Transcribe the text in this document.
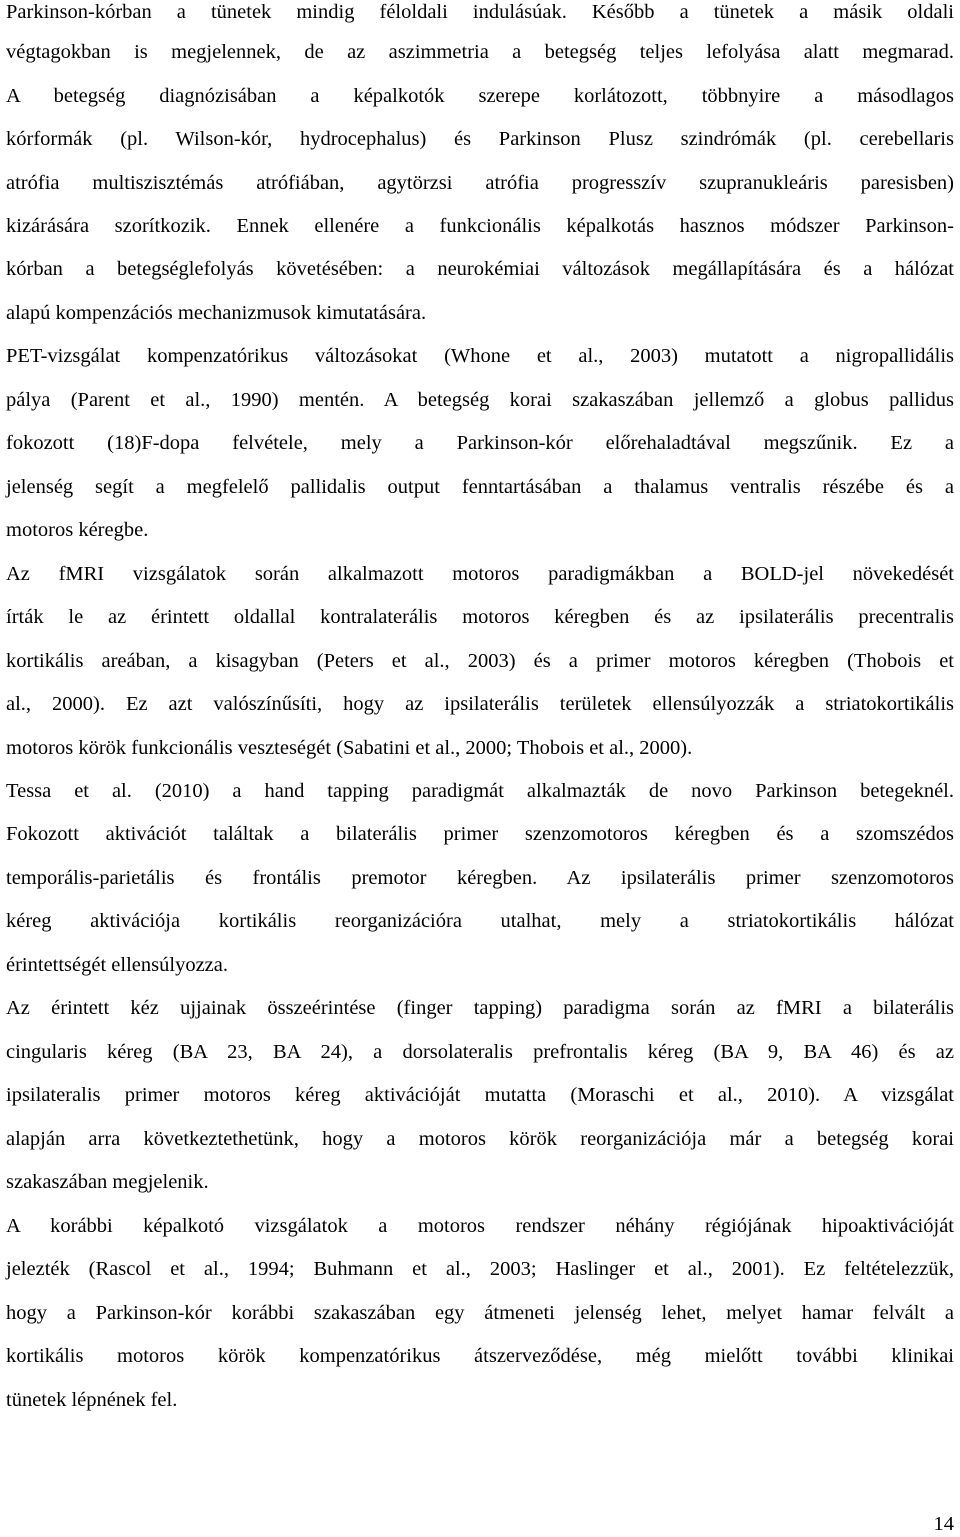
Parkinson-kórban a tünetek mindig féloldali indulásúak. Később a tünetek a másik oldali
végtagokban is megjelennek, de az aszimmetria a betegség teljes lefolyása alatt megmarad.
A betegség diagnózisában a képalkotók szerepe korlátozott, többnyire a másodlagos
kórformák (pl. Wilson-kór, hydrocephalus) és Parkinson Plusz szindrómák (pl. cerebellaris
atrófia multiszisztémás atrófiában, agytörzsi atrófia progresszív szupranukleáris paresisben)
kizárására szorítkozik. Ennek ellenére a funkcionális képalkotás hasznos módszer Parkinson-
kórban a betegséglefolyás követésében: a neurokémiai változások megállapítására és a hálózat
alapú kompenzációs mechanizmusok kimutatására.
PET-vizsgálat kompenzatórikus változásokat (Whone et al., 2003) mutatott a nigropallidális
pálya (Parent et al., 1990) mentén. A betegség korai szakaszában jellemző a globus pallidus
fokozott (18)F-dopa felvétele, mely a Parkinson-kór előrehaladtával megszűnik. Ez a
jelenség segít a megfelelő pallidalis output fenntartásában a thalamus ventralis részébe és a
motoros kéregbe.
Az fMRI vizsgálatok során alkalmazott motoros paradigmákban a BOLD-jel növekedését
írták le az érintett oldallal kontralaterális motoros kéregben és az ipsilaterális precentralis
kortikális areában, a kisagyban (Peters et al., 2003) és a primer motoros kéregben (Thobois et
al., 2000). Ez azt valószínűsíti, hogy az ipsilaterális területek ellensúlyozzák a striatokortikális
motoros körök funkcionális veszteségét (Sabatini et al., 2000; Thobois et al., 2000).
Tessa et al. (2010) a hand tapping paradigmát alkalmazták de novo Parkinson betegeknél.
Fokozott aktivációt találtak a bilaterális primer szenzomotoros kéregben és a szomszédos
temporális-parietális és frontális premotor kéregben. Az ipsilaterális primer szenzomotoros
kéreg aktivációja kortikális reorganizációra utalhat, mely a striatokortikális hálózat
érintettségét ellensúlyozza.
Az érintett kéz ujjainak összeérintése (finger tapping) paradigma során az fMRI a bilaterális
cingularis kéreg (BA 23, BA 24), a dorsolateralis prefrontalis kéreg (BA 9, BA 46) és az
ipsilateralis primer motoros kéreg aktivációját mutatta (Moraschi et al., 2010). A vizsgálat
alapján arra következtethetünk, hogy a motoros körök reorganizációja már a betegség korai
szakaszában megjelenik.
A korábbi képalkotó vizsgálatok a motoros rendszer néhány régiójának hipoaktivációját
jelezték (Rascol et al., 1994; Buhmann et al., 2003; Haslinger et al., 2001). Ez feltételezzük,
hogy a Parkinson-kór korábbi szakaszában egy átmeneti jelenség lehet, melyet hamar felvált a
kortikális motoros körök kompenzatórikus átszerveződése, még mielőtt további klinikai
tünetek lépnének fel.
14
